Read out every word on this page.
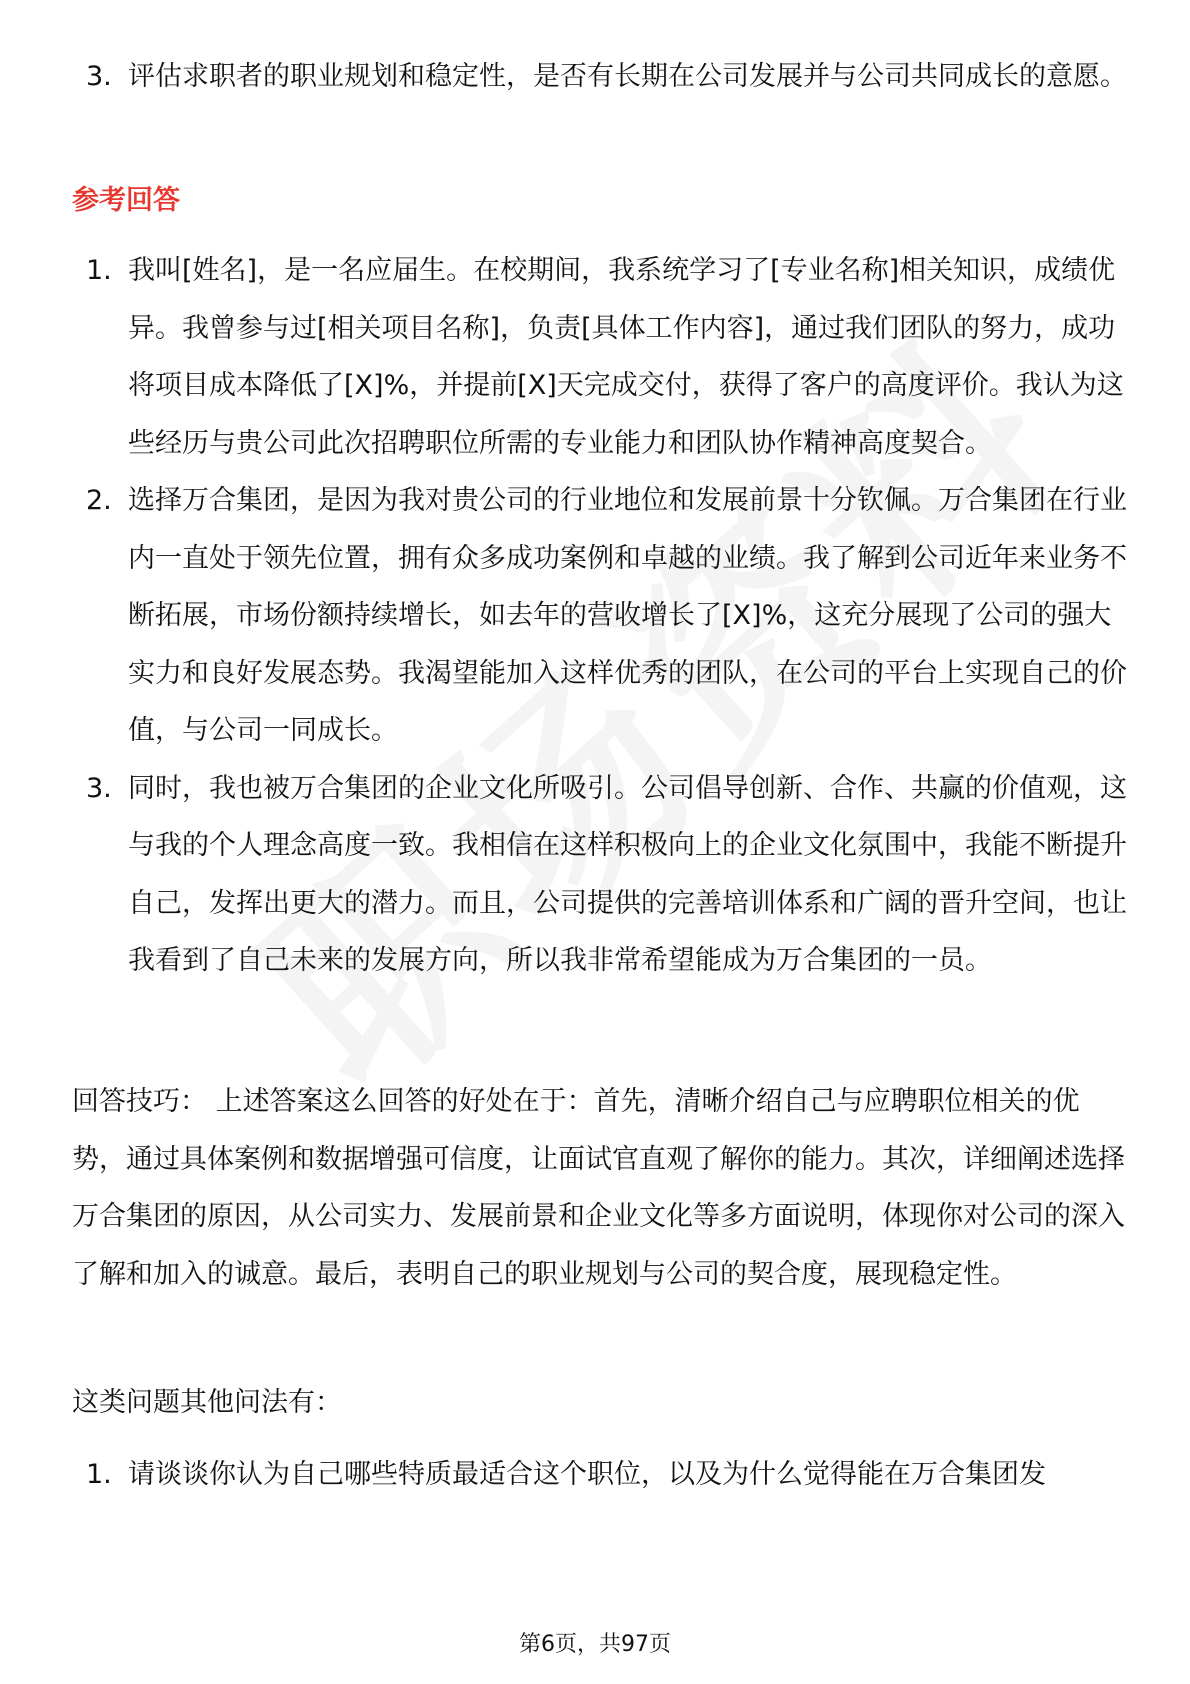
3. 评估求职者的职业规划和稳定性，是否有长期在公司发展并与公司共同成长的意愿。
参考回答
1. 我叫[姓名]，是一名应届生。在校期间，我系统学习了[专业名称]相关知识，成绩优异。我曾参与过[相关项目名称]，负责[具体工作内容]，通过我们团队的努力，成功将项目成本降低了[X]%，并提前[X]天完成交付，获得了客户的高度评价。我认为这些经历与贵公司此次招聘职位所需的专业能力和团队协作精神高度契合。
2. 选择万合集团，是因为我对贵公司的行业地位和发展前景十分钦佩。万合集团在行业内一直处于领先位置，拥有众多成功案例和卓越的业绩。我了解到公司近年来业务不断拓展，市场份额持续增长，如去年的营收增长了[X]%，这充分展现了公司的强大实力和良好发展态势。我渴望能加入这样优秀的团队，在公司的平台上实现自己的价值，与公司一同成长。
3. 同时，我也被万合集团的企业文化所吸引。公司倡导创新、合作、共赢的价值观，这与我的个人理念高度一致。我相信在这样积极向上的企业文化氛围中，我能不断提升自己，发挥出更大的潜力。而且，公司提供的完善培训体系和广阔的晋升空间，也让我看到了自己未来的发展方向，所以我非常希望能成为万合集团的一员。

回答技巧： 上述答案这么回答的好处在于：首先，清晰介绍自己与应聘职位相关的优势，通过具体案例和数据增强可信度，让面试官直观了解你的能力。其次，详细阐述选择万合集团的原因，从公司实力、发展前景和企业文化等多方面说明，体现你对公司的深入了解和加入的诚意。最后，表明自己的职业规划与公司的契合度，展现稳定性。

这类问题其他问法有：

1. 请谈谈你认为自己哪些特质最适合这个职位，以及为什么觉得能在万合集团发
第6页，共97页
